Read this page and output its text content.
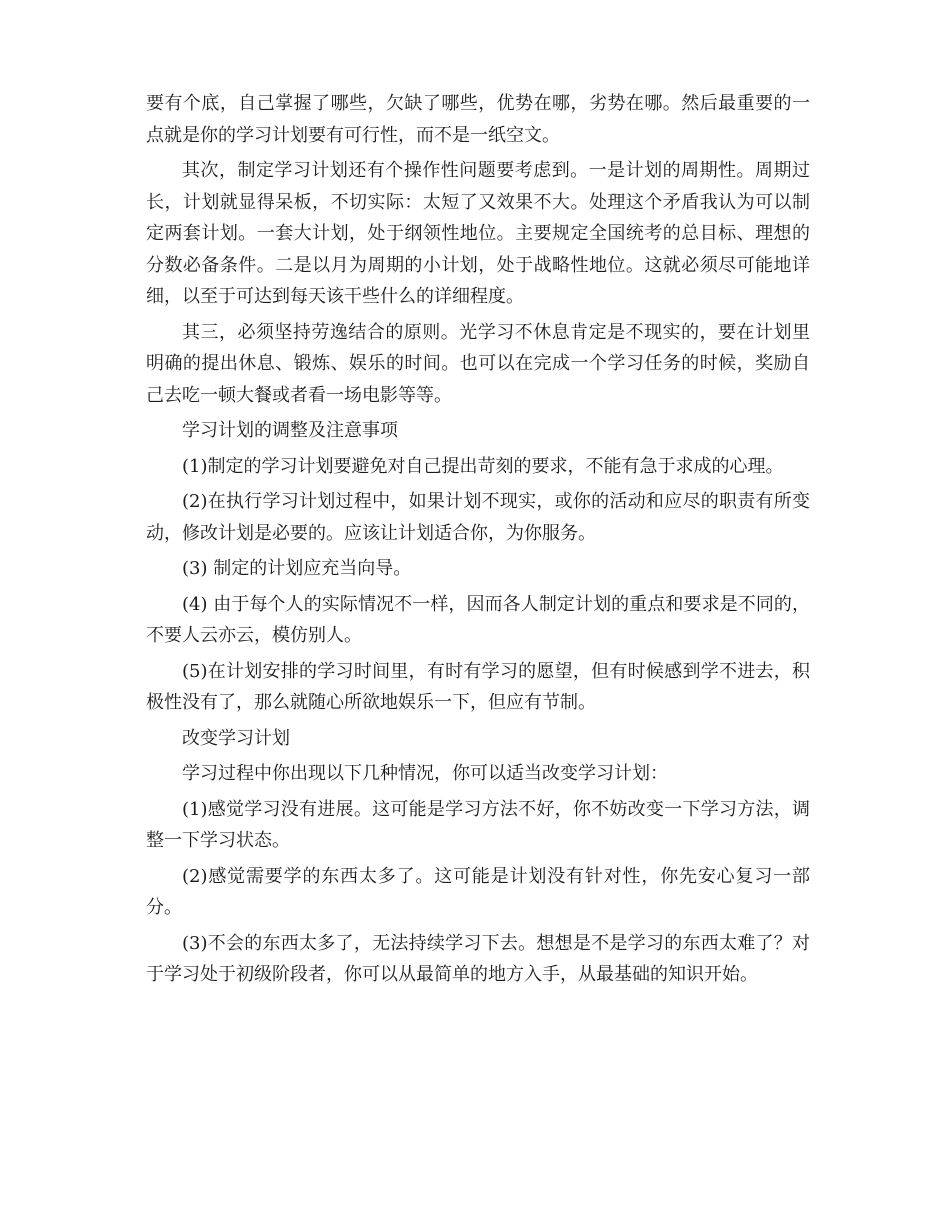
要有个底，自己掌握了哪些，欠缺了哪些，优势在哪，劣势在哪。然后最重要的一点就是你的学习计划要有可行性，而不是一纸空文。

其次，制定学习计划还有个操作性问题要考虑到。一是计划的周期性。周期过长，计划就显得呆板，不切实际：太短了又效果不大。处理这个矛盾我认为可以制定两套计划。一套大计划，处于纲领性地位。主要规定全国统考的总目标、理想的分数必备条件。二是以月为周期的小计划，处于战略性地位。这就必须尽可能地详细，以至于可达到每天该干些什么的详细程度。

其三，必须坚持劳逸结合的原则。光学习不休息肯定是不现实的，要在计划里明确的提出休息、锻炼、娱乐的时间。也可以在完成一个学习任务的时候，奖励自己去吃一顿大餐或者看一场电影等等。

学习计划的调整及注意事项

(1)制定的学习计划要避免对自己提出苛刻的要求，不能有急于求成的心理。

(2)在执行学习计划过程中，如果计划不现实，或你的活动和应尽的职责有所变动，修改计划是必要的。应该让计划适合你，为你服务。

(3) 制定的计划应充当向导。

(4) 由于每个人的实际情况不一样，因而各人制定计划的重点和要求是不同的，不要人云亦云，模仿别人。

(5)在计划安排的学习时间里，有时有学习的愿望，但有时候感到学不进去，积极性没有了，那么就随心所欲地娱乐一下，但应有节制。

改变学习计划

学习过程中你出现以下几种情况，你可以适当改变学习计划：

(1)感觉学习没有进展。这可能是学习方法不好，你不妨改变一下学习方法，调整一下学习状态。

(2)感觉需要学的东西太多了。这可能是计划没有针对性，你先安心复习一部分。

(3)不会的东西太多了，无法持续学习下去。想想是不是学习的东西太难了？对于学习处于初级阶段者，你可以从最简单的地方入手，从最基础的知识开始。
